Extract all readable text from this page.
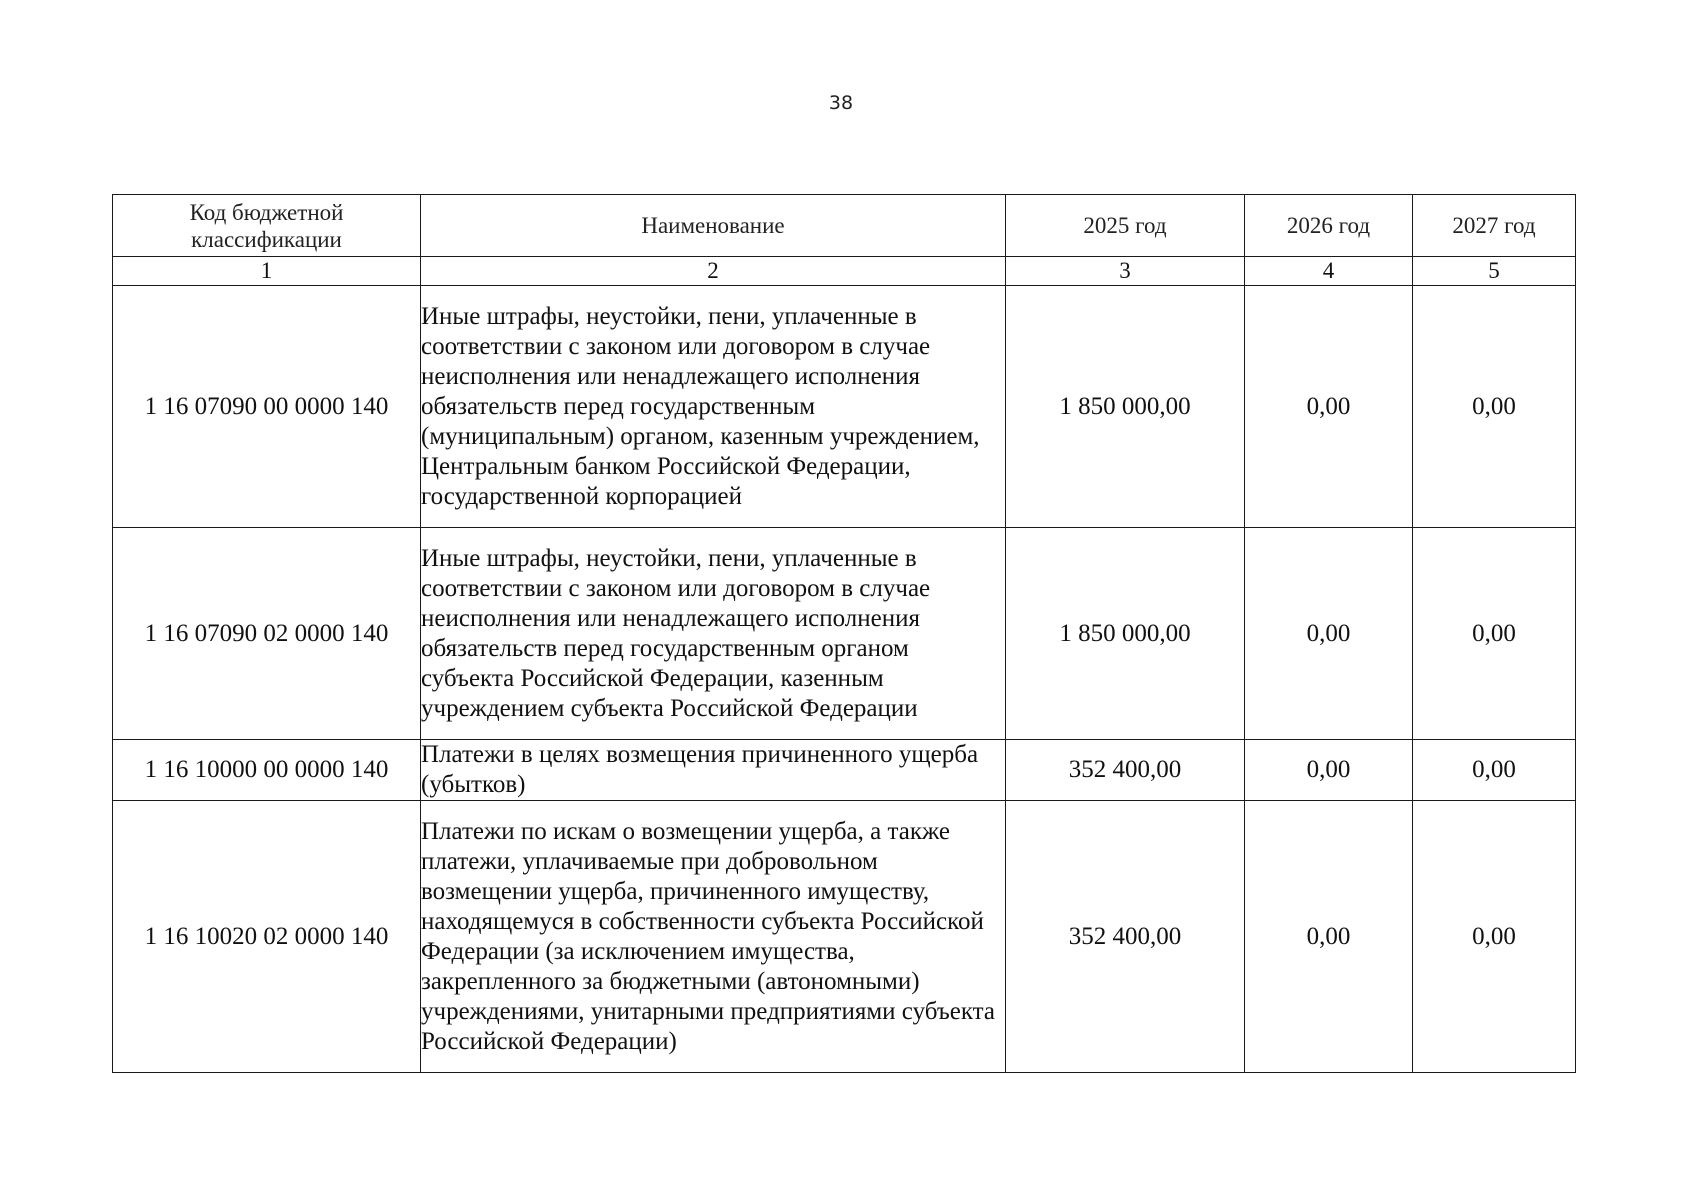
38
Код бюджетной классификации	Наименование	2025 год	2026 год	2027 год
1	2	3	4	5
1 16 07090 00 0000 140	Иные штрафы, неустойки, пени, уплаченные в соответствии с законом или договором в случае неисполнения или ненадлежащего исполнения обязательств перед государственным (муниципальным) органом, казенным учреждением, Центральным банком Российской Федерации, государственной корпорацией	1 850 000,00	0,00	0,00
1 16 07090 02 0000 140	Иные штрафы, неустойки, пени, уплаченные в соответствии с законом или договором в случае неисполнения или ненадлежащего исполнения обязательств перед государственным органом субъекта Российской Федерации, казенным учреждением субъекта Российской Федерации	1 850 000,00	0,00	0,00
1 16 10000 00 0000 140	Платежи в целях возмещения причиненного ущерба (убытков)	352 400,00	0,00	0,00
1 16 10020 02 0000 140	Платежи по искам о возмещении ущерба, а также платежи, уплачиваемые при добровольном возмещении ущерба, причиненного имуществу, находящемуся в собственности субъекта Российской Федерации (за исключением имущества, закрепленного за бюджетными (автономными) учреждениями, унитарными предприятиями субъекта Российской Федерации)	352 400,00	0,00	0,00
